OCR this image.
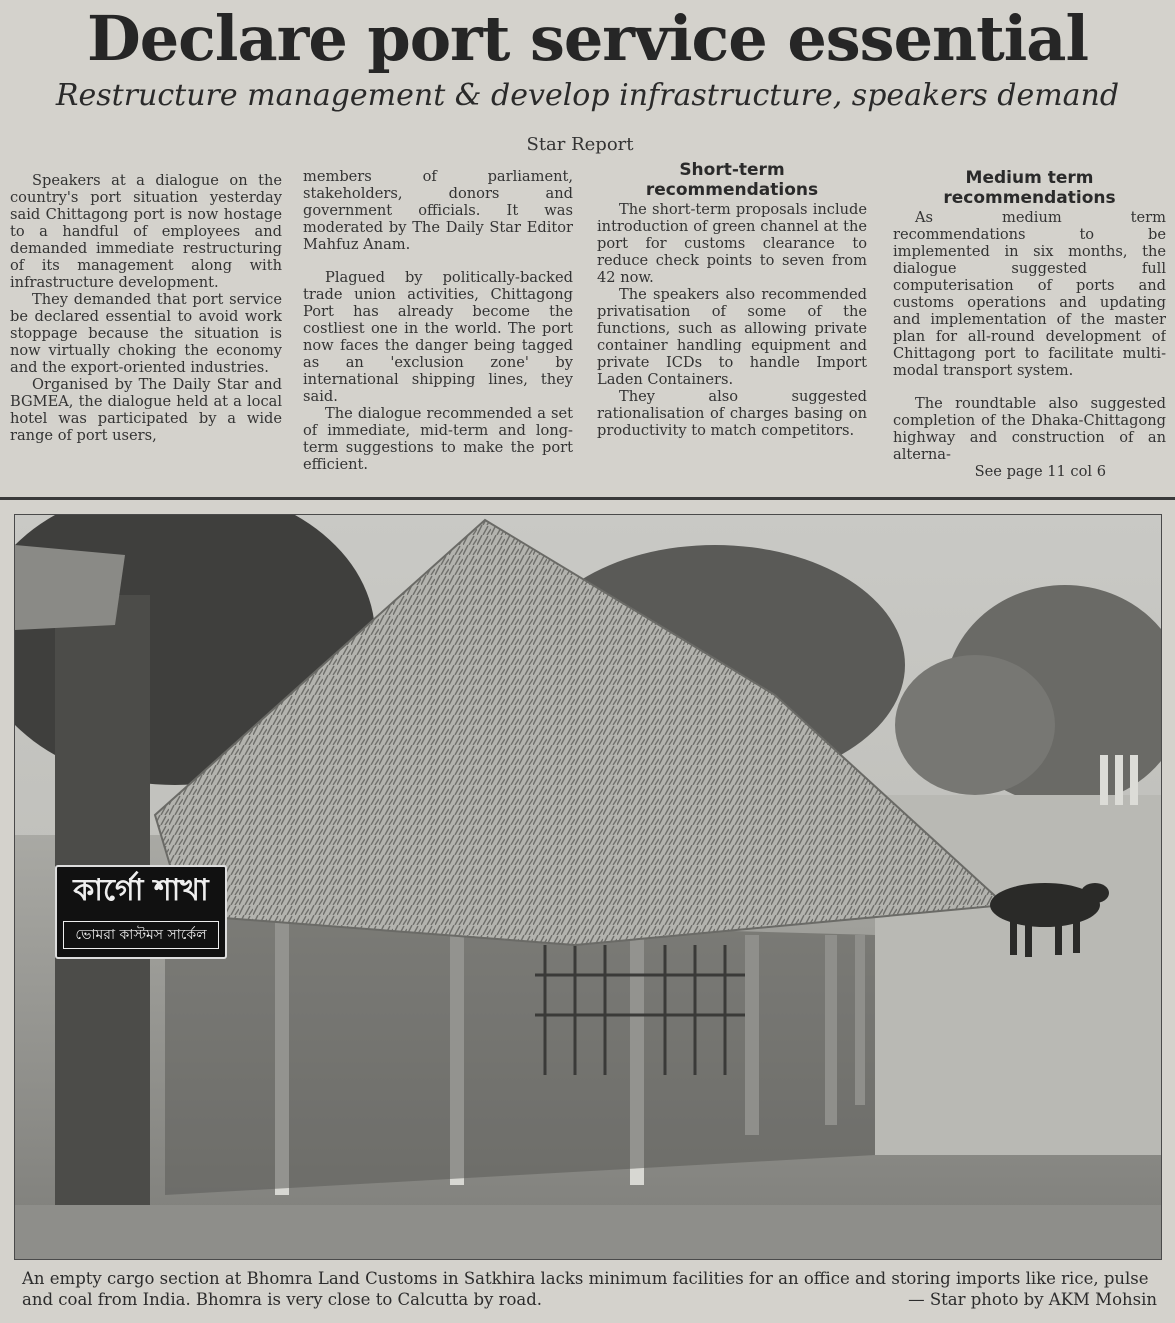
Declare port service essential
Restructure management & develop infrastructure, speakers demand
Star Report

Speakers at a dialogue on the country's port situation yesterday said Chittagong port is now hostage to a handful of employees and demanded immediate restructuring of its management along with infrastructure development.

They demanded that port service be declared essential to avoid work stoppage because the situation is now virtually choking the economy and the export-oriented industries.

Organised by The Daily Star and BGMEA, the dialogue held at a local hotel was participated by a wide range of port users,

members of parliament, stakeholders, donors and government officials. It was moderated by The Daily Star Editor Mahfuz Anam.

Plagued by politically-backed trade union activities, Chittagong Port has already become the costliest one in the world. The port now faces the danger being tagged as an 'exclusion zone' by international shipping lines, they said.

The dialogue recommended a set of immediate, mid-term and long-term suggestions to make the port efficient.

Short-term recommendations

The short-term proposals include introduction of green channel at the port for customs clearance to reduce check points to seven from 42 now.

The speakers also recommended privatisation of some of the functions, such as allowing private container handling equipment and private ICDs to handle Import Laden Containers.

They also suggested rationalisation of charges basing on productivity to match competitors.

Medium term recommendations

As medium term recommendations to be implemented in six months, the dialogue suggested full computerisation of ports and customs operations and updating and implementation of the master plan for all-round development of Chittagong port to facilitate multi-modal transport system.

The roundtable also suggested completion of the Dhaka-Chittagong highway and construction of an alterna-

See page 11 col 6
কার্গো শাখা
ভোমরা কাস্টমস সার্কেল
An empty cargo section at Bhomra Land Customs in Satkhira lacks minimum facilities for an office and storing imports like rice, pulse and coal from India. Bhomra is very close to Calcutta by road.	— Star photo by AKM Mohsin
